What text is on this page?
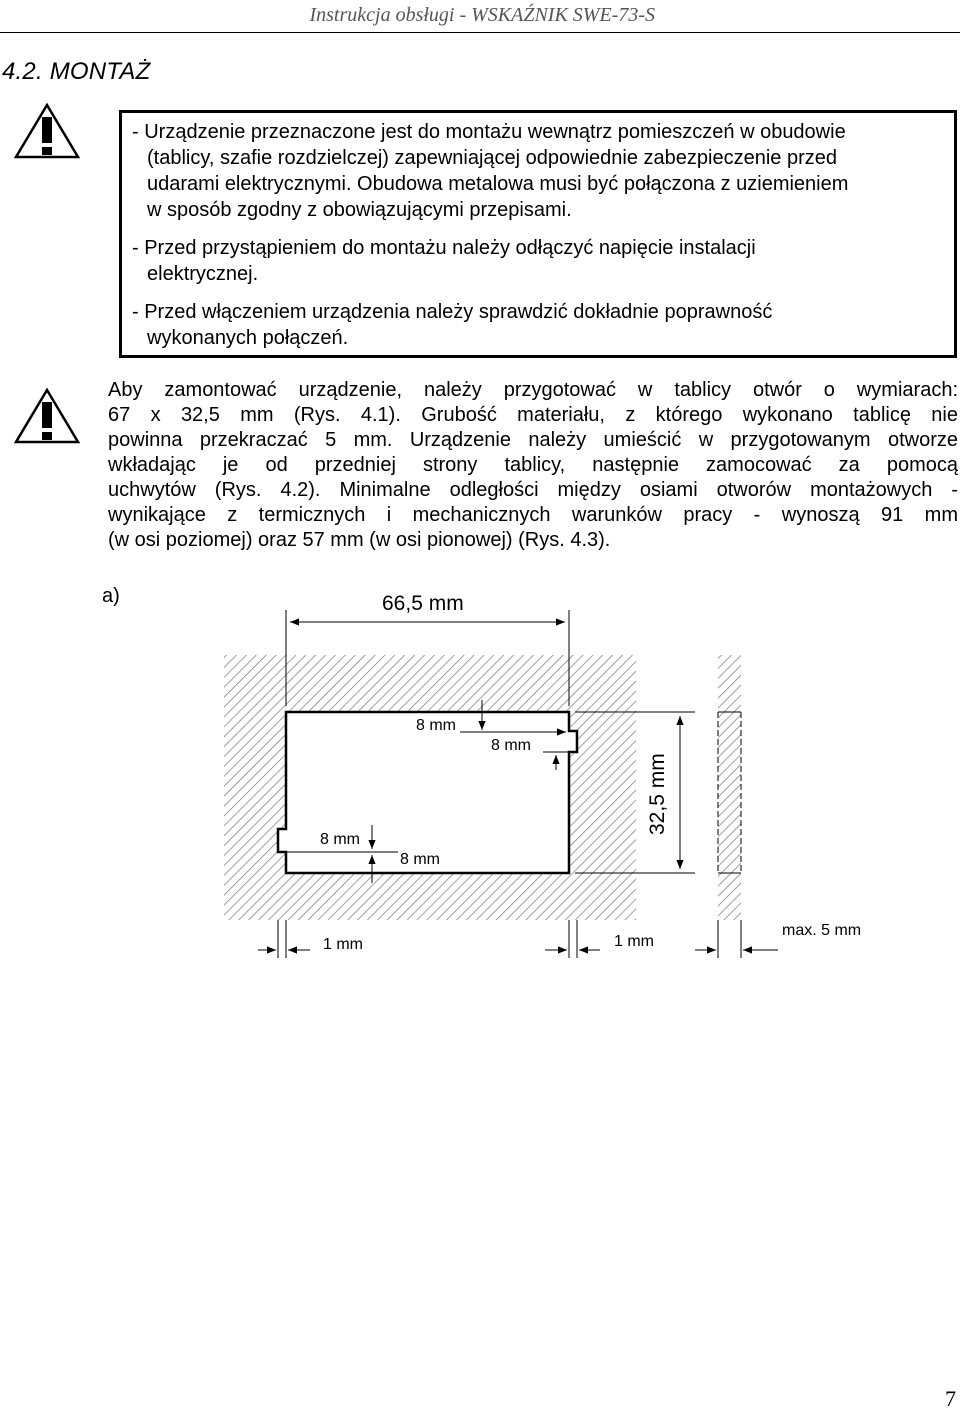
Instrukcja obsługi - WSKAŹNIK SWE-73-S
4.2. MONTAŻ
- Urządzenie przeznaczone jest do montażu wewnątrz pomieszczeń w obudowie
(tablicy, szafie rozdzielczej) zapewniającej odpowiednie zabezpieczenie przed
udarami elektrycznymi. Obudowa metalowa musi być połączona z uziemieniem
w sposób zgodny z obowiązującymi przepisami.
- Przed przystąpieniem do montażu należy odłączyć napięcie instalacji
elektrycznej.
- Przed włączeniem urządzenia należy sprawdzić dokładnie poprawność
wykonanych połączeń.
Aby zamontować urządzenie, należy przygotować w tablicy otwór o wymiarach:
67 x 32,5 mm (Rys. 4.1). Grubość materiału, z którego wykonano tablicę nie
powinna przekraczać 5 mm. Urządzenie należy umieścić w przygotowanym otworze
wkładając je od przedniej strony tablicy, następnie zamocować za pomocą
uchwytów (Rys. 4.2). Minimalne odległości między osiami otworów montażowych -
wynikające z termicznych i mechanicznych warunków pracy - wynoszą 91 mm
(w osi poziomej) oraz 57 mm (w osi pionowej) (Rys. 4.3).
a)	66,5 mm
32,5 mm
8 mm
8 mm
8 mm
8 mm
1 mm	1 mm
max. 5 mm
7
